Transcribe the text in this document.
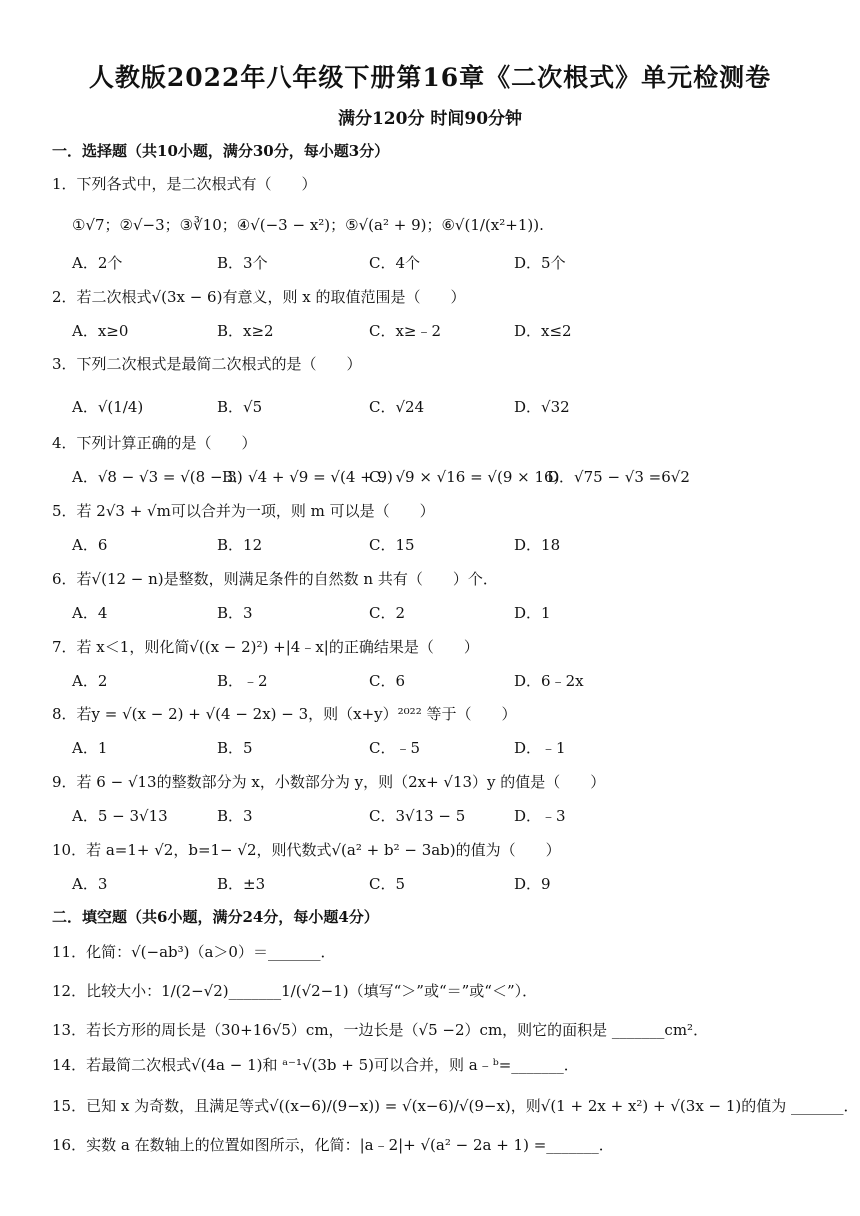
人教版2022年八年级下册第16章《二次根式》单元检测卷
满分120分 时间90分钟
一．选择题（共10小题，满分30分，每小题3分）
1．下列各式中，是二次根式有（　　）
①√7；②√−3；③∛10；④√(−3 − x²)；⑤√(a² + 9)；⑥√(1/(x²+1)).
A．2个	B．3个	C．4个	D．5个
2．若二次根式√(3x − 6)有意义，则 x 的取值范围是（　　）
A．x≥0	B．x≥2	C．x≥﹣2	D．x≤2
3．下列二次根式是最简二次根式的是（　　）
A．√(1/4)	B．√5	C．√24	D．√32
4．下列计算正确的是（　　）
A．√8 − √3 = √(8 − 3)
B．√4 + √9 = √(4 + 9)
C．√9 × √16 = √(9 × 16)
D．√75 − √3 =6√2
5．若 2√3 + √m可以合并为一项，则 m 可以是（　　）
A．6	B．12	C．15	D．18
6．若√(12 − n)是整数，则满足条件的自然数 n 共有（　　）个．
A．4	B．3	C．2	D．1
7．若 x＜1，则化简√((x − 2)²) +|4﹣x|的正确结果是（　　）
A．2	B．﹣2	C．6	D．6﹣2x
8．若y = √(x − 2) + √(4 − 2x) − 3，则（x+y）²⁰²² 等于（　　）
A．1	B．5	C．﹣5	D．﹣1
9．若 6 − √13的整数部分为 x，小数部分为 y，则（2x+ √13）y 的值是（　　）
A．5 − 3√13	B．3	C．3√13 − 5	D．﹣3
10．若 a=1+ √2，b=1− √2，则代数式√(a² + b² − 3ab)的值为（　　）
A．3	B．±3	C．5	D．9
二．填空题（共6小题，满分24分，每小题4分）
11．化简：√(−ab³)（a＞0）＝_______．
12．比较大小：1/(2−√2)_______1/(√2−1)（填写“＞”或“＝”或“＜”）．
13．若长方形的周长是（30+16√5）cm，一边长是（√5 −2）cm，则它的面积是 _______cm²．
14．若最简二次根式√(4a − 1)和 ᵃ⁻¹√(3b + 5)可以合并，则 a﹣ᵇ=_______．
15．已知 x 为奇数，且满足等式√((x−6)/(9−x)) = √(x−6)/√(9−x)，则√(1 + 2x + x²) + √(3x − 1)的值为 _______．
16．实数 a 在数轴上的位置如图所示，化简：|a﹣2|+ √(a² − 2a + 1) =_______．
